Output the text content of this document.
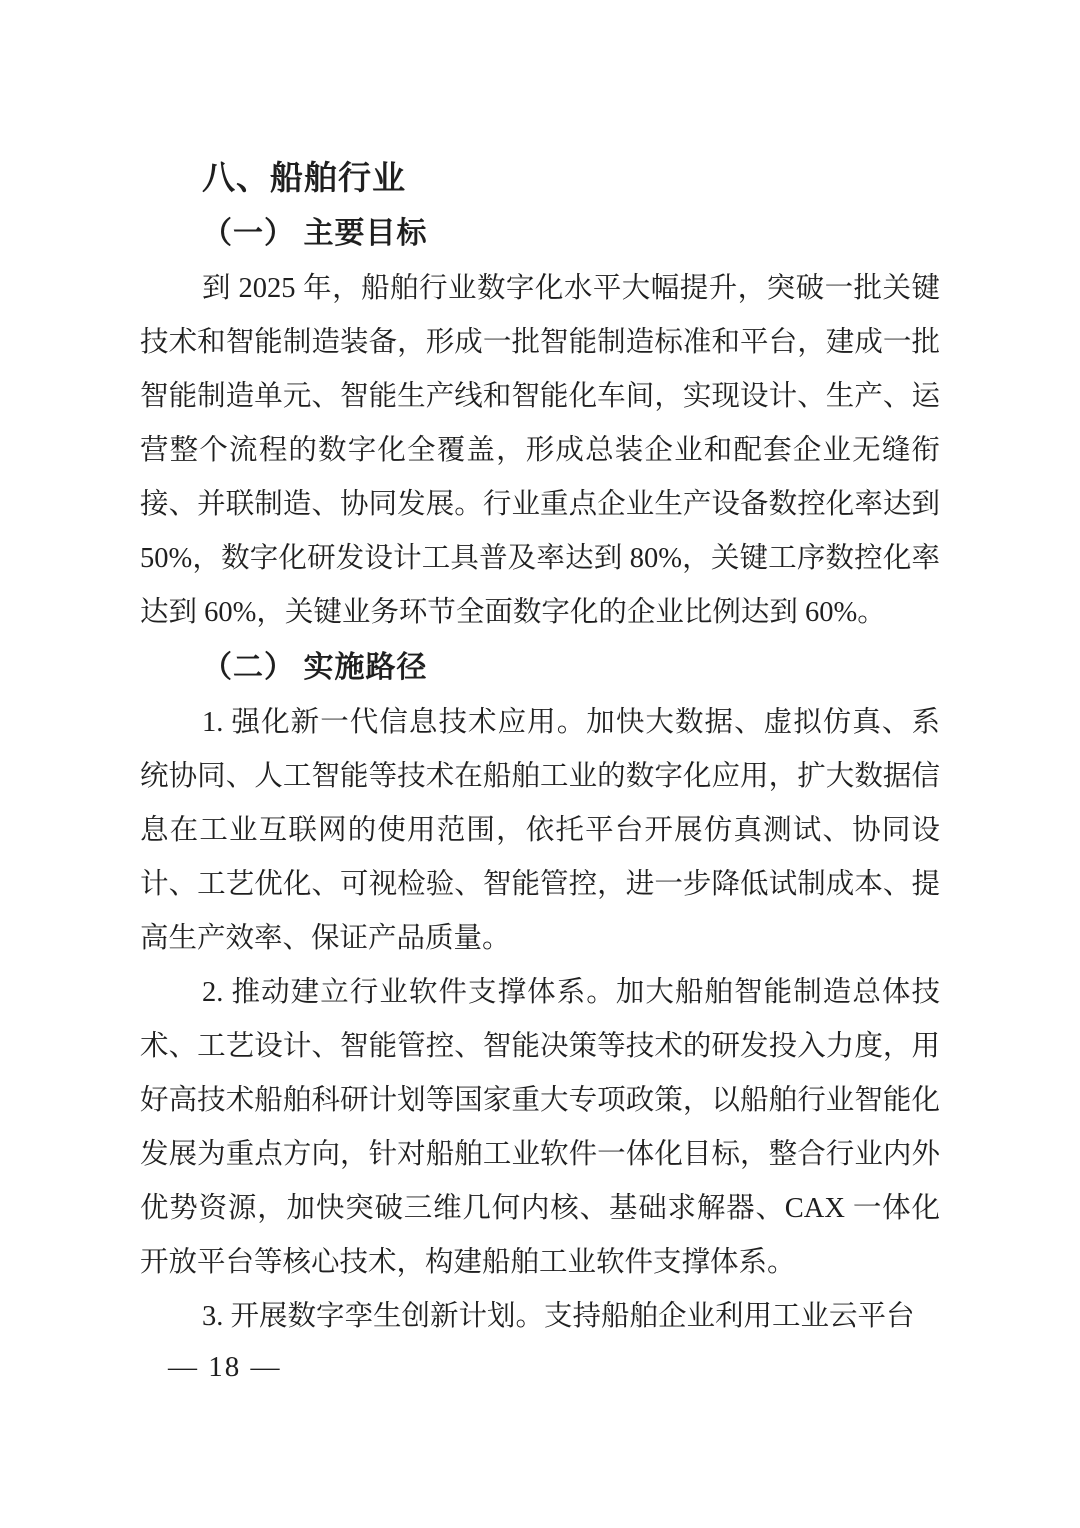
八、船舶行业
（一） 主要目标

到 2025 年，船舶行业数字化水平大幅提升，突破一批关键技术和智能制造装备，形成一批智能制造标准和平台，建成一批智能制造单元、智能生产线和智能化车间，实现设计、生产、运营整个流程的数字化全覆盖，形成总装企业和配套企业无缝衔接、并联制造、协同发展。行业重点企业生产设备数控化率达到 50%，数字化研发设计工具普及率达到 80%，关键工序数控化率达到 60%，关键业务环节全面数字化的企业比例达到 60%。

（二） 实施路径

1. 强化新一代信息技术应用。加快大数据、虚拟仿真、系统协同、人工智能等技术在船舶工业的数字化应用，扩大数据信息在工业互联网的使用范围，依托平台开展仿真测试、协同设计、工艺优化、可视检验、智能管控，进一步降低试制成本、提高生产效率、保证产品质量。

2. 推动建立行业软件支撑体系。加大船舶智能制造总体技术、工艺设计、智能管控、智能决策等技术的研发投入力度，用好高技术船舶科研计划等国家重大专项政策，以船舶行业智能化发展为重点方向，针对船舶工业软件一体化目标，整合行业内外优势资源，加快突破三维几何内核、基础求解器、CAX 一体化开放平台等核心技术，构建船舶工业软件支撑体系。

3. 开展数字孪生创新计划。支持船舶企业利用工业云平台

— 18 —
